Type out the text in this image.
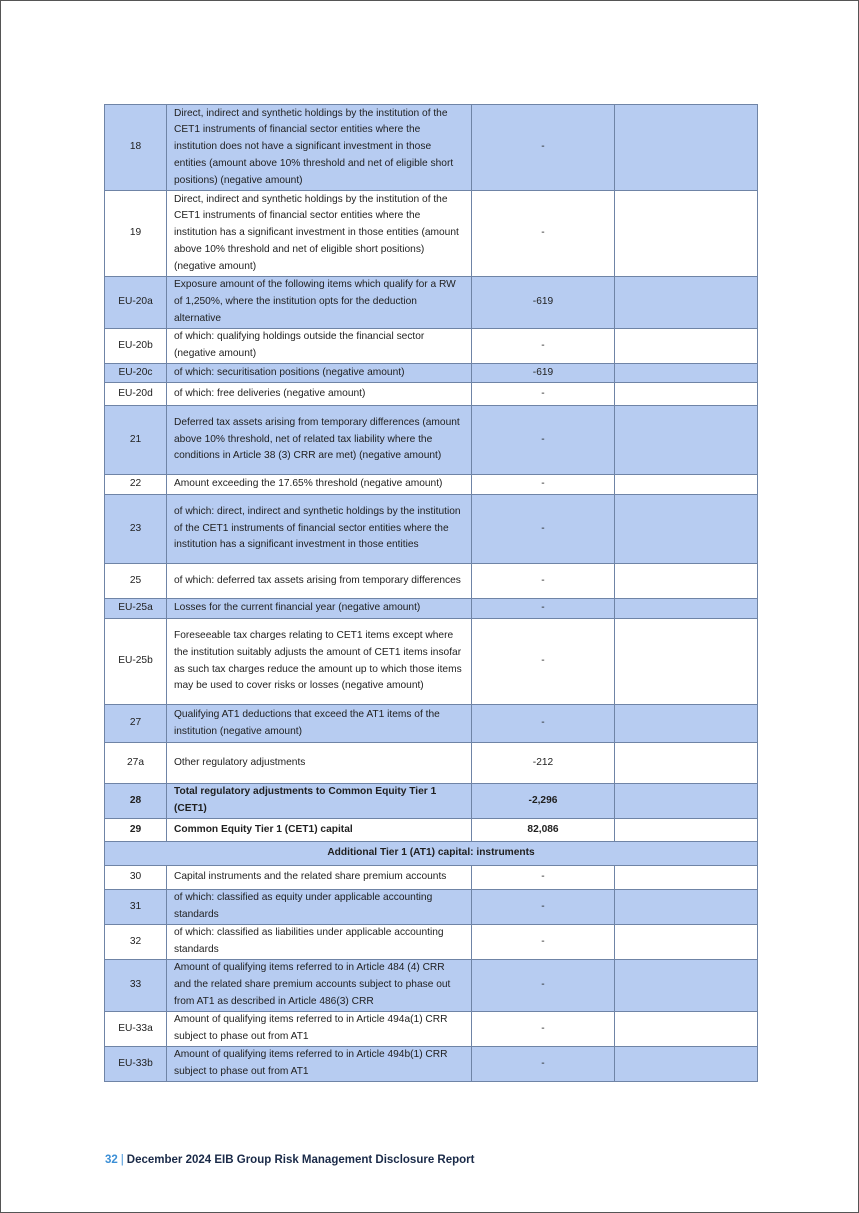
18	Direct, indirect and synthetic holdings by the institution of the CET1 instruments of financial sector entities where the institution does not have a significant investment in those entities (amount above 10% threshold and net of eligible short positions) (negative amount)	-	
19	Direct, indirect and synthetic holdings by the institution of the CET1 instruments of financial sector entities where the institution has a significant investment in those entities (amount above 10% threshold and net of eligible short positions) (negative amount)	-	
EU-20a	Exposure amount of the following items which qualify for a RW of 1,250%, where the institution opts for the deduction alternative	-619	
EU-20b	of which: qualifying holdings outside the financial sector (negative amount)	-	
EU-20c	of which: securitisation positions (negative amount)	-619	
EU-20d	of which: free deliveries (negative amount)	-	
21	Deferred tax assets arising from temporary differences (amount above 10% threshold, net of related tax liability where the conditions in Article 38 (3) CRR are met) (negative amount)	-	
22	Amount exceeding the 17.65% threshold (negative amount)	-	
23	of which: direct, indirect and synthetic holdings by the institution of the CET1 instruments of financial sector entities where the institution has a significant investment in those entities	-	
25	of which: deferred tax assets arising from temporary differences	-	
EU-25a	Losses for the current financial year (negative amount)	-	
EU-25b	Foreseeable tax charges relating to CET1 items except where the institution suitably adjusts the amount of CET1 items insofar as such tax charges reduce the amount up to which those items may be used to cover risks or losses (negative amount)	-	
27	Qualifying AT1 deductions that exceed the AT1 items of the institution (negative amount)	-	
27a	Other regulatory adjustments	-212	
28	Total regulatory adjustments to Common Equity Tier 1 (CET1)	-2,296	
29	Common Equity Tier 1 (CET1) capital	82,086	
Additional Tier 1 (AT1) capital: instruments			
30	Capital instruments and the related share premium accounts	-	
31	of which: classified as equity under applicable accounting standards	-	
32	of which: classified as liabilities under applicable accounting standards	-	
33	Amount of qualifying items referred to in Article 484 (4) CRR and the related share premium accounts subject to phase out from AT1 as described in Article 486(3) CRR	-	
EU-33a	Amount of qualifying items referred to in Article 494a(1) CRR subject to phase out from AT1	-	
EU-33b	Amount of qualifying items referred to in Article 494b(1) CRR subject to phase out from AT1	-	
32 | December 2024 EIB Group Risk Management Disclosure Report
